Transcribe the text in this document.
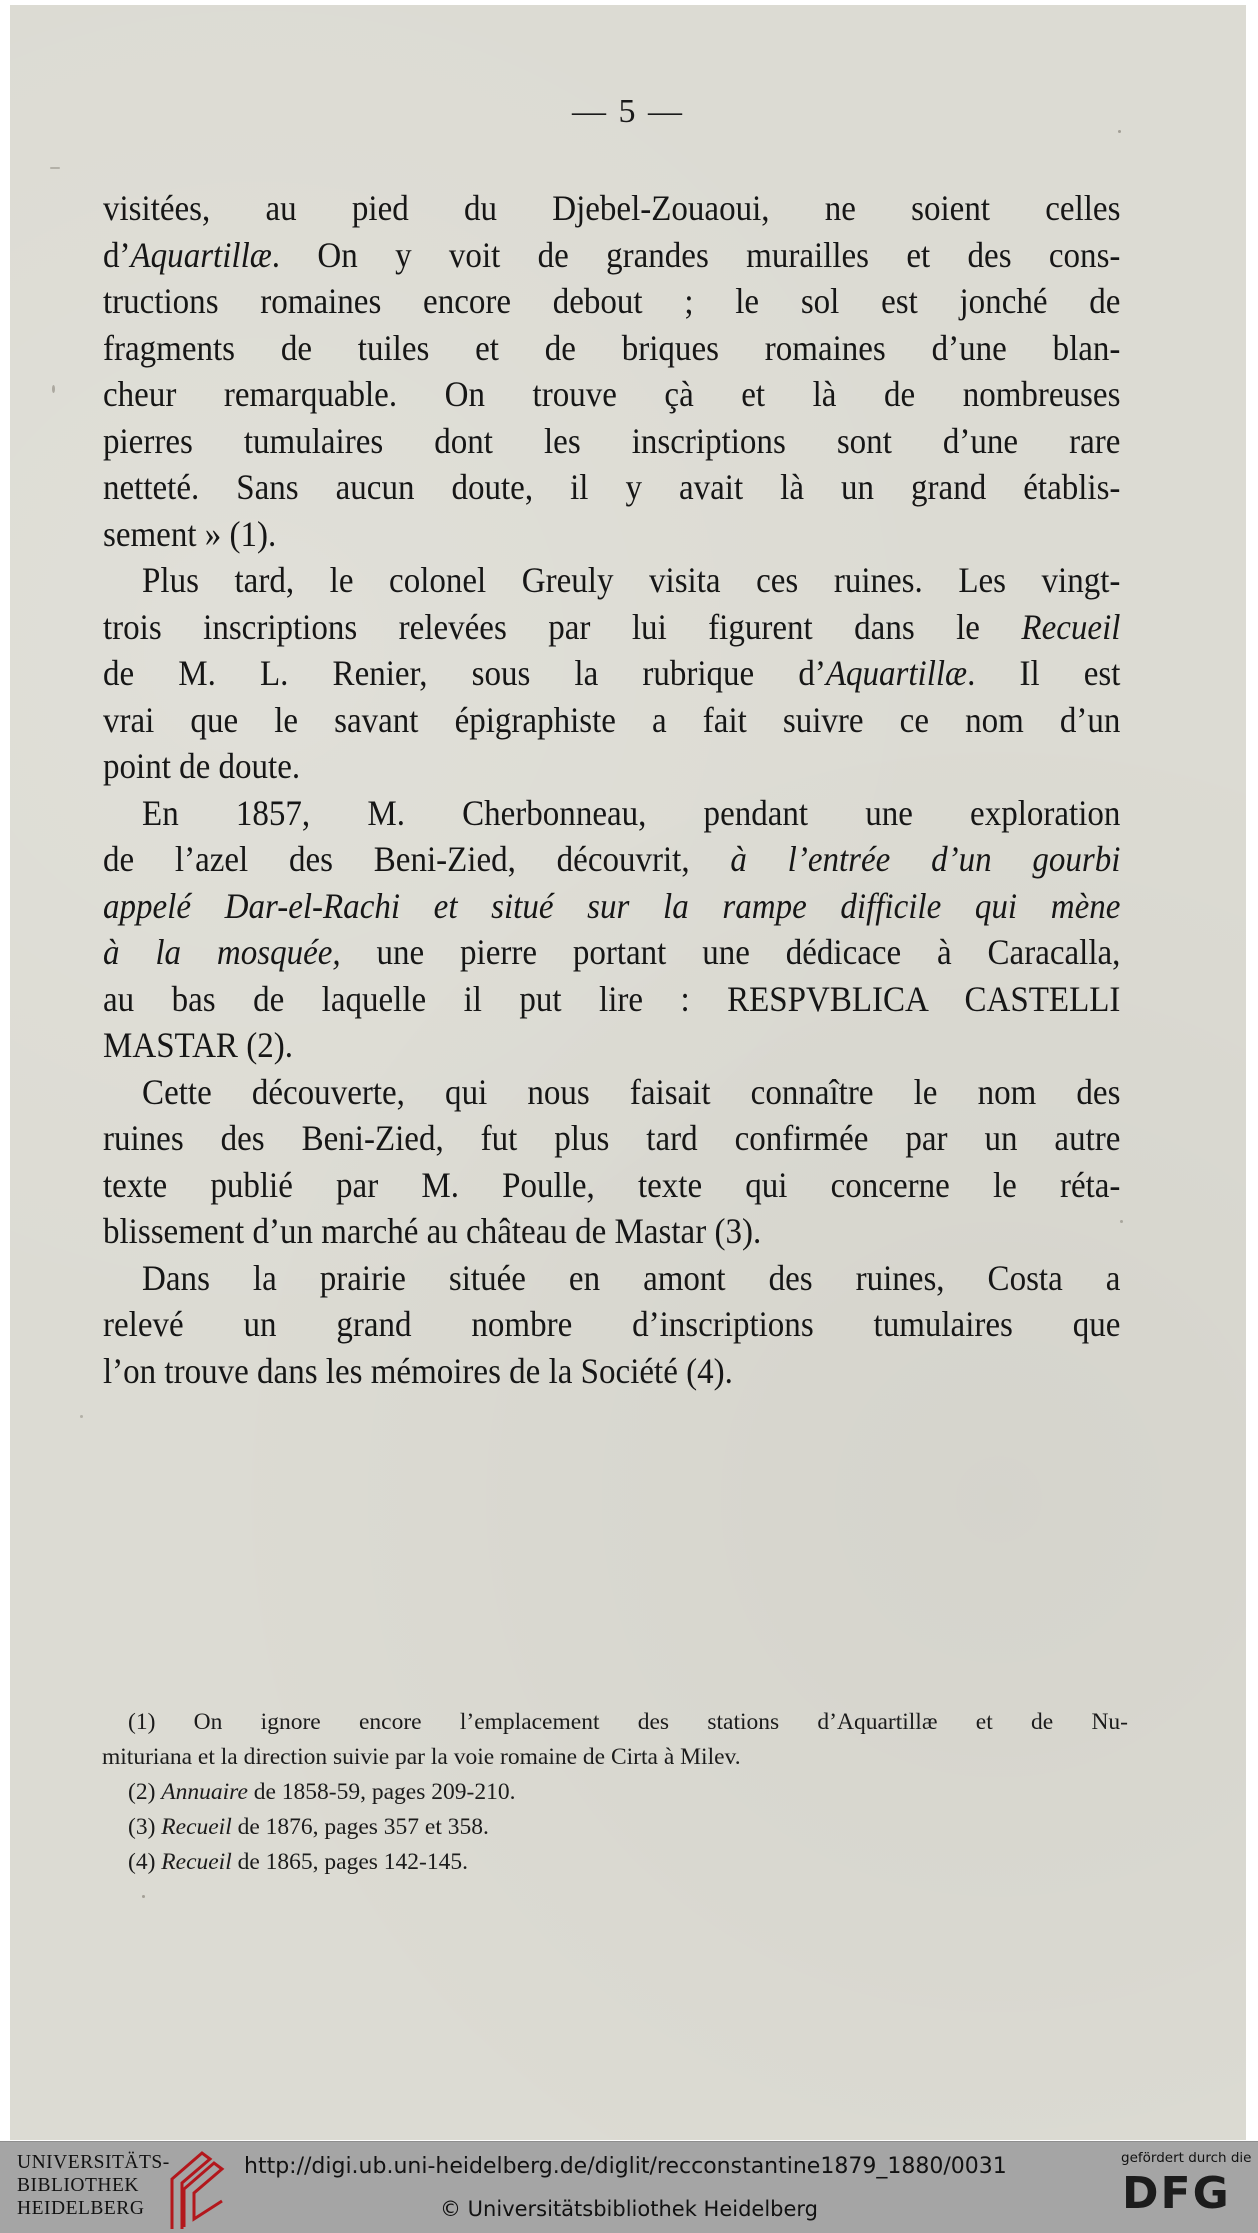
— 5 —
visitées, au pied du Djebel-Zouaoui, ne soient celles
d’Aquartillæ. On y voit de grandes murailles et des cons-
tructions romaines encore debout ; le sol est jonché de
fragments de tuiles et de briques romaines d’une blan-
cheur remarquable. On trouve çà et là de nombreuses
pierres tumulaires dont les inscriptions sont d’une rare
netteté. Sans aucun doute, il y avait là un grand établis-
sement » (1).
Plus tard, le colonel Greuly visita ces ruines. Les vingt-
trois inscriptions relevées par lui figurent dans le Recueil
de M. L. Renier, sous la rubrique d’Aquartillæ. Il est
vrai que le savant épigraphiste a fait suivre ce nom d’un
point de doute.
En 1857, M. Cherbonneau, pendant une exploration
de l’azel des Beni-Zied, découvrit, à l’entrée d’un gourbi
appelé Dar-el-Rachi et situé sur la rampe difficile qui mène
à la mosquée, une pierre portant une dédicace à Caracalla,
au bas de laquelle il put lire : RESPVBLICA CASTELLI
MASTAR (2).
Cette découverte, qui nous faisait connaître le nom des
ruines des Beni-Zied, fut plus tard confirmée par un autre
texte publié par M. Poulle, texte qui concerne le réta-
blissement d’un marché au château de Mastar (3).
Dans la prairie située en amont des ruines, Costa a
relevé un grand nombre d’inscriptions tumulaires que
l’on trouve dans les mémoires de la Société (4).
(1) On ignore encore l’emplacement des stations d’Aquartillæ et de Nu-
mituriana et la direction suivie par la voie romaine de Cirta à Milev.
(2) Annuaire de 1858-59, pages 209-210.
(3) Recueil de 1876, pages 357 et 358.
(4) Recueil de 1865, pages 142-145.
UNIVERSITÄTS-
BIBLIOTHEK
HEIDELBERG
http://digi.ub.uni-heidelberg.de/diglit/recconstantine1879_1880/0031
© Universitätsbibliothek Heidelberg
gefördert durch die
DFG
